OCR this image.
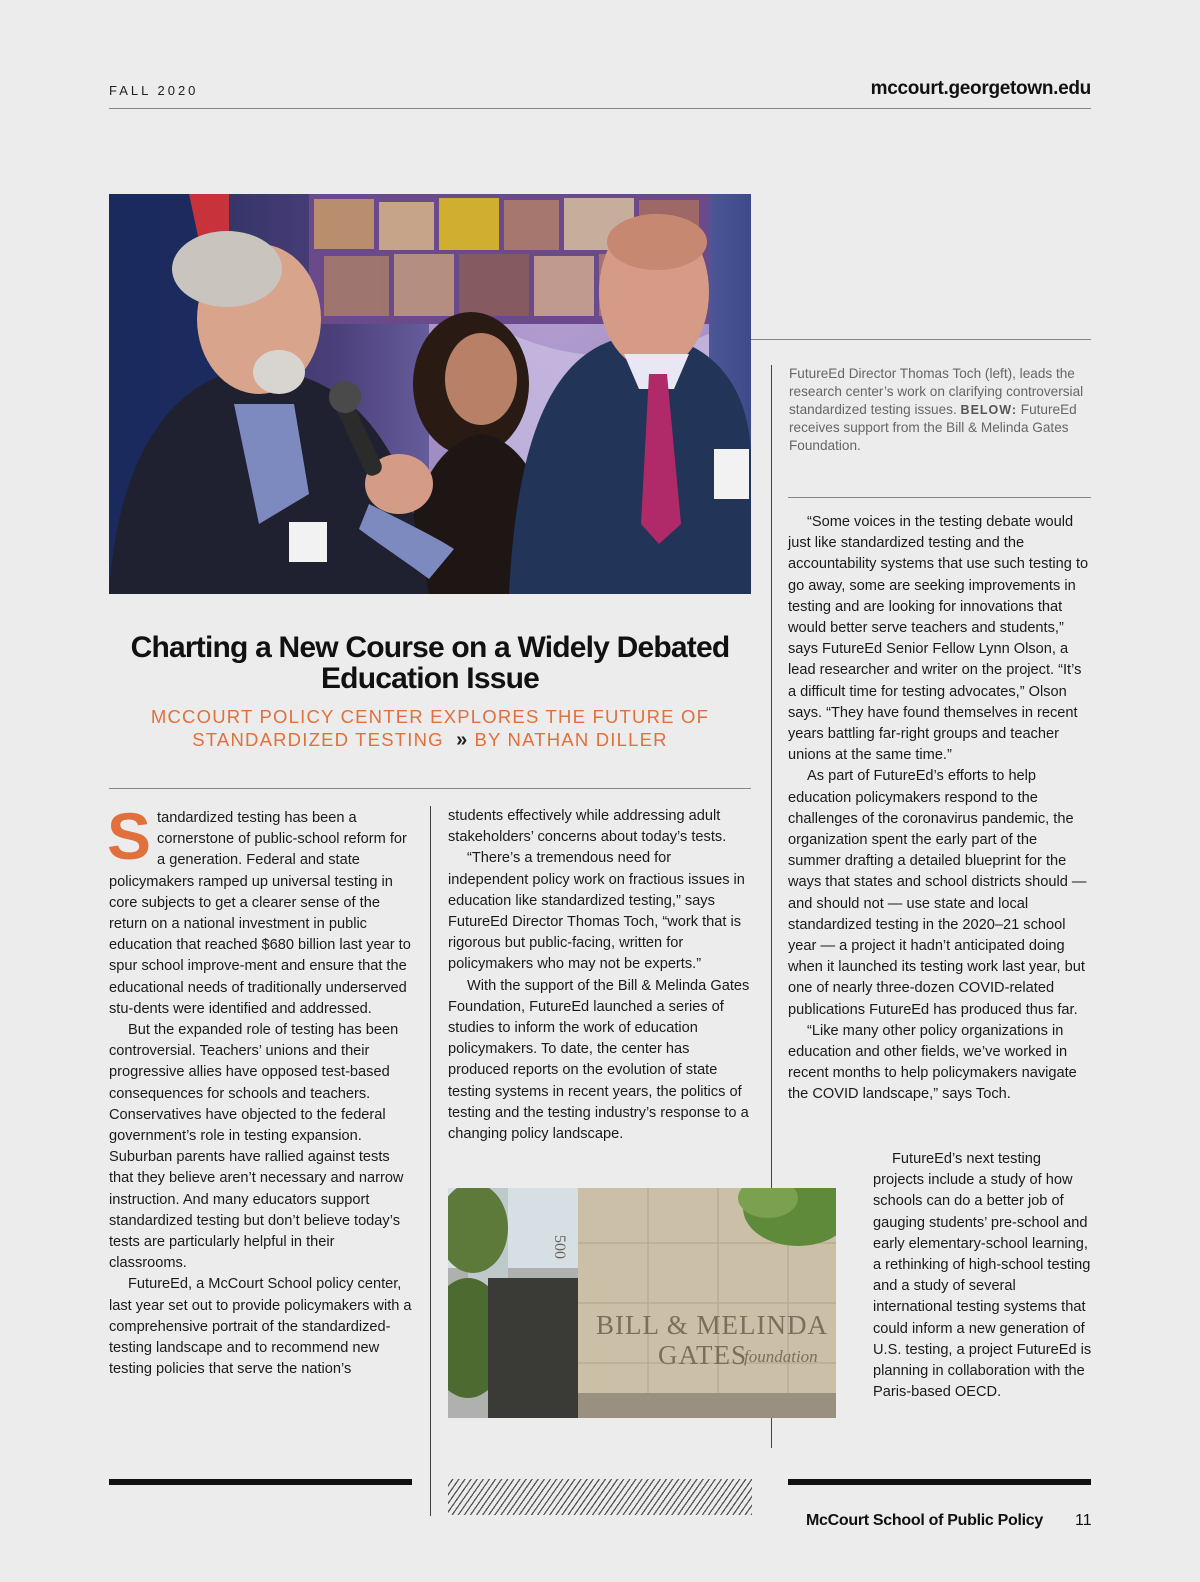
FALL 2020	mccourt.georgetown.edu
FutureEd Director Thomas Toch (left), leads the research center’s work on clarifying controversial standardized testing issues. BELOW: FutureEd receives support from the Bill & Melinda Gates Foundation.
Charting a New Course on a Widely Debated Education Issue
MCCOURT POLICY CENTER EXPLORES THE FUTURE OF STANDARDIZED TESTING » BY NATHAN DILLER

Standardized testing has been a cornerstone of public-school reform for a generation. Federal and state policymakers ramped up universal testing in core subjects to get a clearer sense of the return on a national investment in public education that reached $680 billion last year to spur school improve-ment and ensure that the educational needs of traditionally underserved stu-dents were identified and addressed.

But the expanded role of testing has been controversial. Teachers’ unions and their progressive allies have opposed test-based consequences for schools and teachers. Conservatives have objected to the federal government’s role in testing expansion. Suburban parents have rallied against tests that they believe aren’t necessary and narrow instruction. And many educators support standardized testing but don’t believe today’s tests are particularly helpful in their classrooms.

FutureEd, a McCourt School policy center, last year set out to provide policymakers with a comprehensive portrait of the standardized-testing landscape and to recommend new testing policies that serve the nation’s

students effectively while addressing adult stakeholders’ concerns about today’s tests.

“There’s a tremendous need for independent policy work on fractious issues in education like standardized testing,” says FutureEd Director Thomas Toch, “work that is rigorous but public-facing, written for policymakers who may not be experts.”

With the support of the Bill & Melinda Gates Foundation, FutureEd launched a series of studies to inform the work of education policymakers. To date, the center has produced reports on the evolution of state testing systems in recent years, the politics of testing and the testing industry’s response to a changing policy landscape.

500
BILL & MELINDA
GATES
foundation

“Some voices in the testing debate would just like standardized testing and the accountability systems that use such testing to go away, some are seeking improvements in testing and are looking for innovations that would better serve teachers and students,” says FutureEd Senior Fellow Lynn Olson, a lead researcher and writer on the project. “It’s a difficult time for testing advocates,” Olson says. “They have found themselves in recent years battling far-right groups and teacher unions at the same time.”

As part of FutureEd’s efforts to help education policymakers respond to the challenges of the coronavirus pandemic, the organization spent the early part of the summer drafting a detailed blueprint for the ways that states and school districts should — and should not — use state and local standardized testing in the 2020–21 school year — a project it hadn’t anticipated doing when it launched its testing work last year, but one of nearly three-dozen COVID-related publications FutureEd has produced thus far.

“Like many other policy organizations in education and other fields, we’ve worked in recent months to help policymakers navigate the COVID landscape,” says Toch.

FutureEd’s next testing projects include a study of how schools can do a better job of gauging students’ pre-school and early elementary-school learning, a rethinking of high-school testing and a study of several international testing systems that could inform a new generation of U.S. testing, a project FutureEd is planning in collaboration with the Paris-based OECD.

McCourt School of Public Policy 11
